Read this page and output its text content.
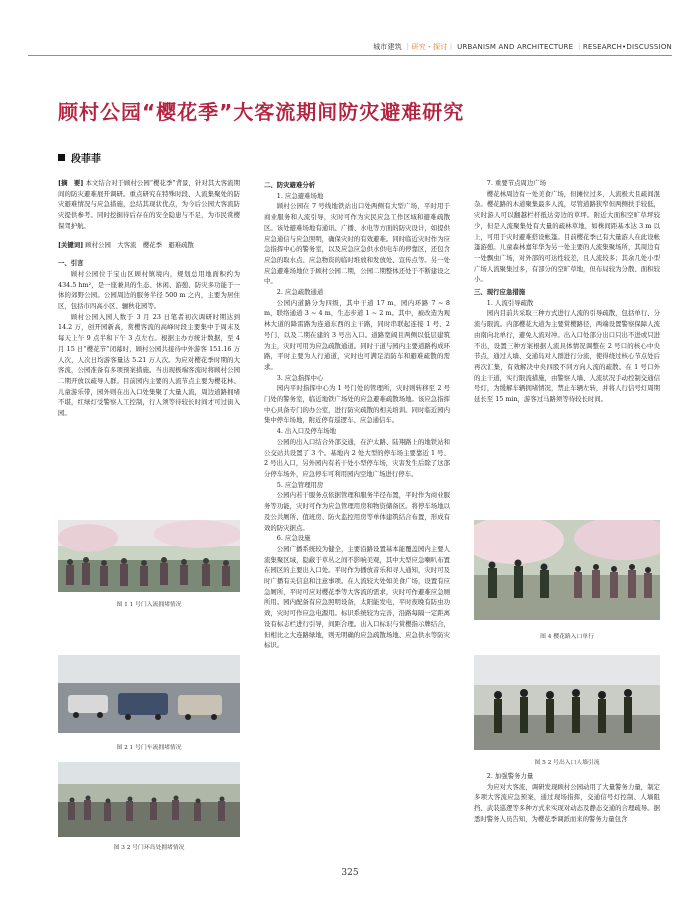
城市建筑 ｜研究・探讨｜ URBANISM AND ARCHITECTURE ｜RESEARCH•DISCUSSION
顾村公园“樱花季”大客流期间防灾避难研究
段菲菲

[摘　要] 本文结合对于顾村公园“樱花季”背景，针对其大客流期间的防灾避难展开调研。重点研究在特殊时段、人流集聚处的防灾避难情况与应急措施，总结其现状优点，为今后公园大客流防灾提供参考。同时挖掘待后存在的安全隐患与不足，为市民赏樱保驾护航。

[关键词] 顾村公园　大客流　樱花季　避难疏散

一、引言

顾村公园位于宝山区顾村镇境内，规划总用地面积约为 434.5 hm²，是一座兼具的生态、休闲、游憩、防灾多功能于一体的郊野公园。公园周边的服务半径 500 m 之内，主要为居住区，包括市四高小区、骊秋花园等。

顾村公园入园人数于 3 月 23 日笔者初次调研时期达到 14.2 万，创开园新高，赏樱客流的高峰时段主要集中于周末及每天上午 9 点半和下午 3 点左右。根据主办方统计数据，至 4 月 15 日“樱花节”闭幕时，顾村公园共接待中外游客 151.16 万人次，人次日均游客量达 5.21 万人次。为应对樱花季时期的大客流，公园准备有多项预案措施。当出现极端客流时将顾村公园二期开放以疏导人群。目前园内主要的人流节点主要为樱花林、儿童游乐带，园外则在出入口处集聚了大量人流，周边道路拥堵不堪，红绿灯受警察人工控制，行人须等待较长时间才可过街入园。

图 1 1 号门入流拥堵情况
图 2 1 号门车流拥堵情况
图 3 2 号门环岛处拥堵情况

二、防灾避难分析

1. 应急避难场地

顾村公园在 7 号线地铁站出口处两侧有大型广场，平时用于商业服务和人流引导，灾时可作为灾民应急工作区域和避难疏散区。该处避难场地有通讯、广播、水电等方面的防灾设计，如提供应急通信与应急照明，确保灾时的有效避难。同时临近灾时作为应急指挥中心的警务室，以及应急应急供水供电车的停靠区，还包含应急的取水点、应急物资的临时堆放和发放处、宣传点等。另一处应急避难场地位于顾村公园二期，公园二期整体还处于不断建设之中。

2. 应急疏散通道

公园内道路分为四级，其中干道 17 m，园内环路 7 ~ 8 m，联络通道 3 ~ 4 m，生态步道 1 ~ 2 m。其中，被改造为观林大道的降雷路为连通东西的主干路，同时串联起连接 1 号、2 号门，以及二期在建的 3 号出入口。道路宽阔且两侧以低层建筑为主，灾时可用为应急疏散通道。同时干道与园内主要道路构成环路，平时主要为人行通道，灾时也可满足消防车和避难疏散的需求。

3. 应急指挥中心

园内平时指挥中心为 1 号门处的管理所，灾时则转移至 2 号门处的警务室，临近地铁广场处的应急避难疏散场地。该应急指挥中心具备专门的办公室，进行防灾疏散的相关培训。同时临近园内集中停车场地，附近停有巡逻车、应急通信车。

4. 出入口及停车场地

公园的出入口结合外部交通，在沪太路、陆翔路上的地铁站和公交站共设置了 3 个。基地内 2 处大型的停车场主要靠近 1 号、2 号出入口，另外园内有若干处小型停车场，灾害发生后除了这部分停车场外，应急停车可利用园内空地广场进行停车。

5. 应急管理用房

公园内若干服务点依据管理和服务半径布置，平时作为商业服务等功能，灾时可作为应急管理用房和物资储备区。将停车场地以及公共厕所、值班房、防火监控用房等单体建筑结合布置，形成有效的防灾据点。

6. 应急设施

公园广播系统较为健全，主要沿路设置基本能覆盖园内主要人流集聚区域，隐蔽于草丛之间不影响美观，其中大型应急喇叭布置在园区的主要出入口处。平时作为播放音乐和寻人通知，灾时可及时广播有关信息和注意事项。在人流较大处如美食广场，设置有应急厕所，平时可应对樱花季等大客流的需求，灾时可作避难应急厕所用。园内配备有应急照明设备，太阳能发电，平时夜晚有防虫功效，灾时可作应急电源用。标识系统较为完善，沿路每隔一定距离设有标志栏进行引导，间距合理。出入口标识与赏樱指示牌结合，但相比之大连路绿地，则无明确的应急疏散场地、应急供水等防灾标识。

7. 重要节点周边广场

樱花林周边有一处美食广场，但摊位过多，人流极大且疏间混杂。樱花路的木道聚集最多人流，尽管道路狭窄但两侧扶手较低，灾时游人可以翻越栏杆抵达旁边的草坪。附近大面积空旷草坪较少，但是人流聚集处有大量的疏林草地，如株间距基本达 3 m 以上，可用于灾时避难搭设帐篷。目前樱花季已有大量游人在此设帐篷游憩。儿童森林嘉年华为另一处主要的人流集聚场所，其周边有一处飘虫广场，对外部的可达性较差，且人流较多；其余几处小型广场人流聚集过多，有部分的空旷草地，但布局较为分散、面积较小。

三、现行应急措施

1. 人流引导疏散

园内目前共采取三种方式进行人流的引导疏散，包括单行、分流与限流。内部樱花大道为主要赏樱路径，两端设置警察保障人流由南向北单行，避免人流对冲。出入口处部分出口只出不进或只进不出，设置三种方案根据人流具体情况调整在 2 号口的核心中央节点，通过人墙、交通岛对人群进行分流，使得绕过核心节点处后再次汇集，有效解决中央四股不同方向人流的疏散。在 1 号口外的主干道，实行限流措施，由警察人墙、人流状况手动控制交通信号灯，为缓解车辆拥堵情况，禁止车辆左转，并将人行信号灯周期延长至 15 min，游客过马路须等待较长时间。

图 4 樱花路入口单行
图 5 2 号出入口人墙引流

2. 加强警务力量

为应对大客流，调研发现顾村公园动用了大量警务力量，制定多项大客流应急预案，通过现场指挥，交通信号灯控制、人墙阻挡、武装巡逻等多种方式来实现对动态及静态交通的合理疏导。据悉时警务人员告知，为樱花季调派而来的警务力量包含

325
